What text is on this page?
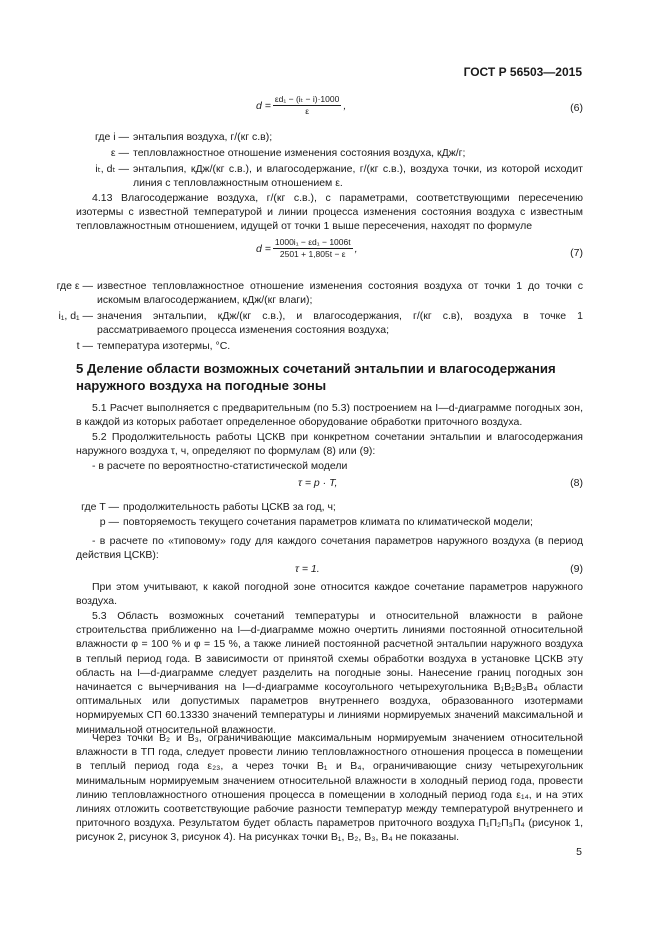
ГОСТ Р 56503—2015
$d = \frac{\text{εd₁ − (iₜ − i)·1000}}{\varepsilon}$ ,	(6)
где i — энтальпия воздуха, г/(кг с.в);
ε — тепловлажностное отношение изменения состояния воздуха, кДж/г;
iₜ, dₜ — энтальпия, кДж/(кг с.в.), и влагосодержание, г/(кг с.в.), воздуха точки, из которой исходит линия с тепловлажностным отношением ε.
4.13 Влагосодержание воздуха, г/(кг с.в.), с параметрами, соответствующими пересечению изотермы с известной температурой и линии процесса изменения состояния воздуха с известным тепловлажностным отношением, идущей от точки 1 выше пересечения, находят по формуле
$d = \frac{\text{1000i₁ − εd₁ − 1006t}}{2501 + 1,805t - \varepsilon}$ ,	(7)
где ε — известное тепловлажностное отношение изменения состояния воздуха от точки 1 до точки с искомым влагосодержанием, кДж/(кг влаги);
i₁, d₁ — значения энтальпии, кДж/(кг с.в.), и влагосодержания, г/(кг с.в), воздуха в точке 1 рассматриваемого процесса изменения состояния воздуха;
t — температура изотермы, °С.
5 Деление области возможных сочетаний энтальпии и влагосодержания наружного воздуха на погодные зоны
5.1 Расчет выполняется с предварительным (по 5.3) построением на I—d-диаграмме погодных зон, в каждой из которых работает определенное оборудование обработки приточного воздуха.
5.2 Продолжительность работы ЦСКВ при конкретном сочетании энтальпии и влагосодержания наружного воздуха τ, ч, определяют по формулам (8) или (9):
- в расчете по вероятностно-статистической модели
τ = p · T,	(8)
где T — продолжительность работы ЦСКВ за год, ч;
p — повторяемость текущего сочетания параметров климата по климатической модели;
- в расчете по «типовому» году для каждого сочетания параметров наружного воздуха (в период действия ЦСКВ):
τ = 1.	(9)
При этом учитывают, к какой погодной зоне относится каждое сочетание параметров наружного воздуха.
5.3 Область возможных сочетаний температуры и относительной влажности в районе строительства приближенно на I—d-диаграмме можно очертить линиями постоянной относительной влажности φ = 100 % и φ = 15 %, а также линией постоянной расчетной энтальпии наружного воздуха в теплый период года. В зависимости от принятой схемы обработки воздуха в установке ЦСКВ эту область на I—d-диаграмме следует разделить на погодные зоны. Нанесение границ погодных зон начинается с вычерчивания на I—d-диаграмме косоугольного четырехугольника B₁B₂B₃B₄ области оптимальных или допустимых параметров внутреннего воздуха, образованного изотермами нормируемых СП 60.13330 значений температуры и линиями нормируемых значений максимальной и минимальной относительной влажности.
Через точки B₂ и B₃, ограничивающие максимальным нормируемым значением относительной влажности в ТП года, следует провести линию тепловлажностного отношения процесса в помещении в теплый период года ε₂₃, а через точки B₁ и B₄, ограничивающие снизу четырехугольник минимальным нормируемым значением относительной влажности в холодный период года, провести линию тепловлажностного отношения процесса в помещении в холодный период года ε₁₄, и на этих линиях отложить соответствующие рабочие разности температур между температурой внутреннего и приточного воздуха. Результатом будет область параметров приточного воздуха П₁П₂П₃П₄ (рисунок 1, рисунок 2, рисунок 3, рисунок 4). На рисунках точки B₁, B₂, B₃, B₄ не показаны.
5
